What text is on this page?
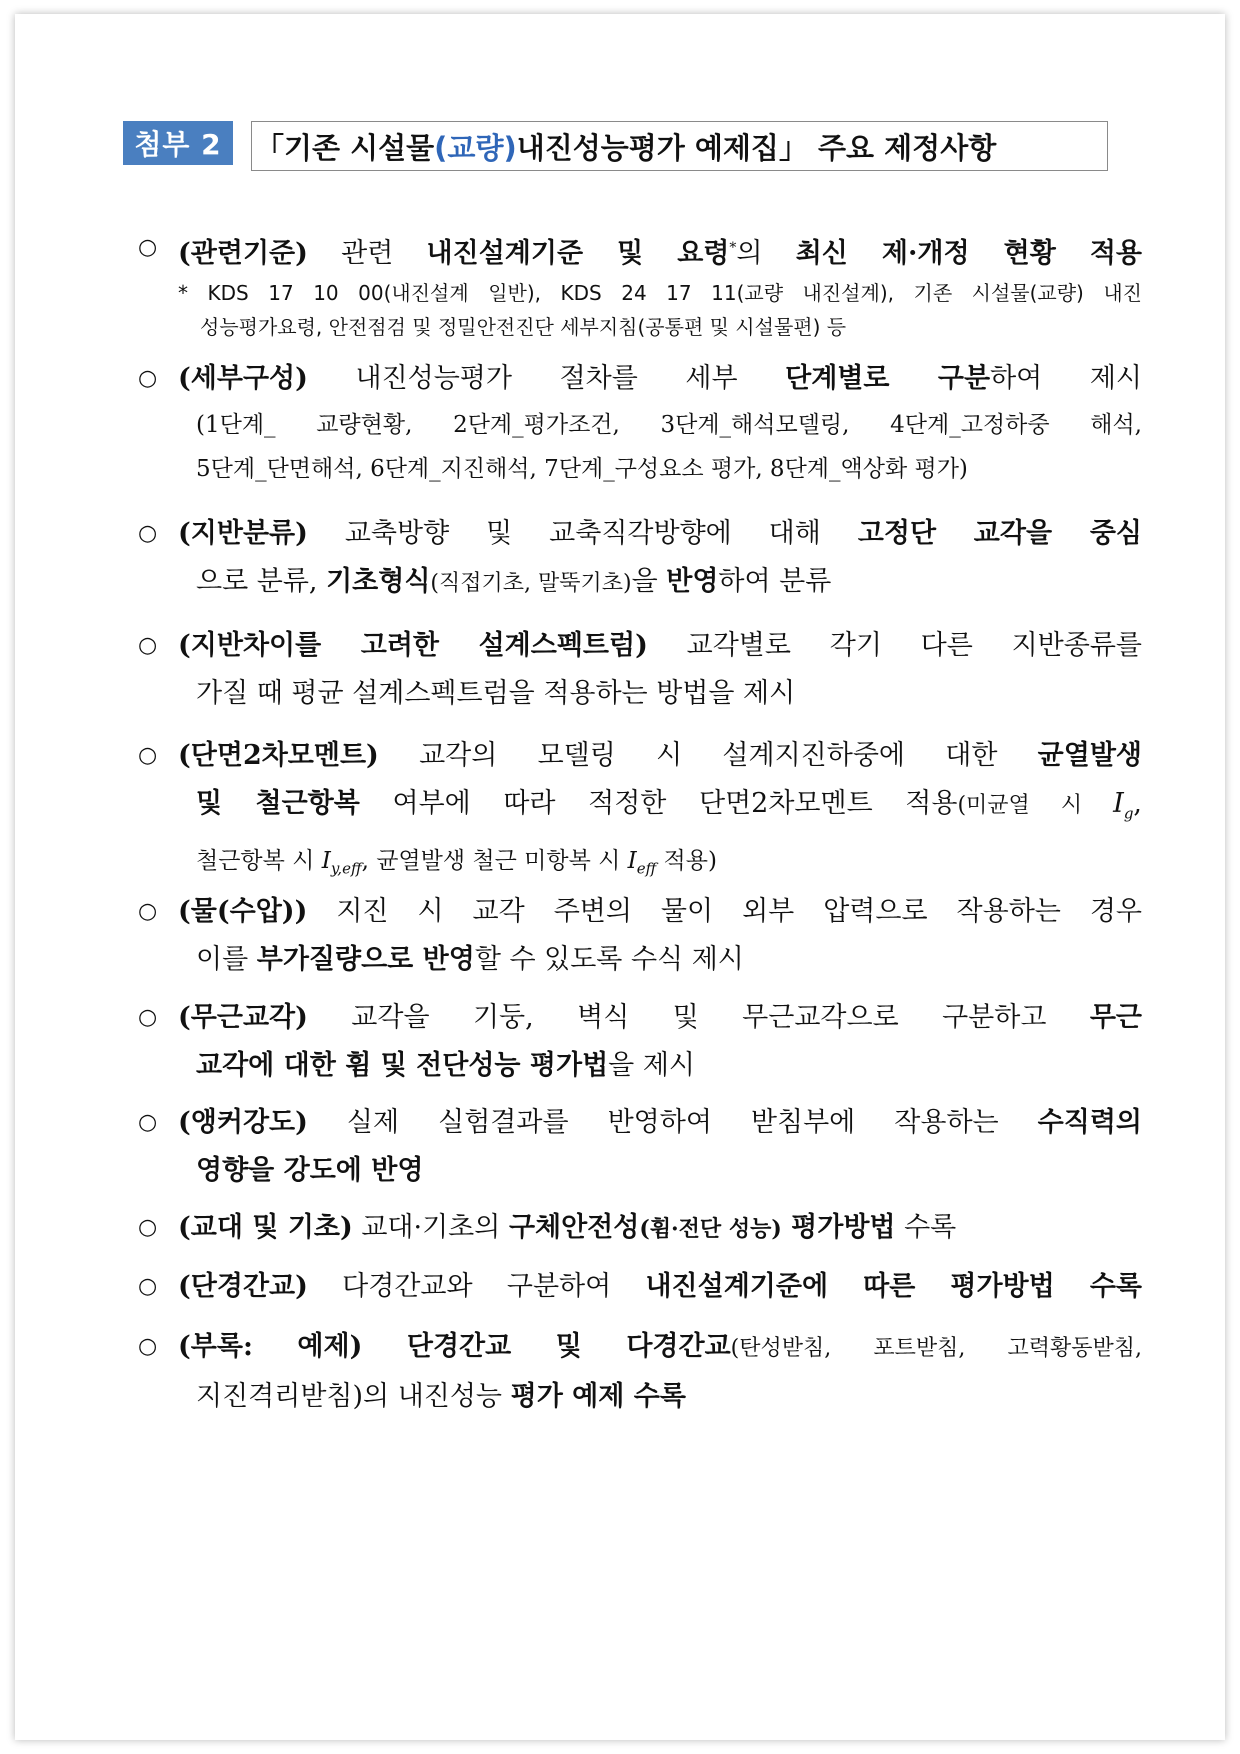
첨부 2	「기존 시설물 (교량) 내진성능평가 예제집」 주요 제정사항
○ (관련기준) 관련 내진설계기준 및 요령*의 최신 제·개정 현황 적용
* KDS 17 10 00(내진설계 일반), KDS 24 17 11(교량 내진설계), 기존 시설물(교량) 내진
성능평가요령, 안전점검 및 정밀안전진단 세부지침(공통편 및 시설물편) 등
○ (세부구성) 내진성능평가 절차를 세부 단계별로 구분하여 제시
(1단계_ 교량현황, 2단계_평가조건, 3단계_해석모델링, 4단계_고정하중 해석,
5단계_단면해석, 6단계_지진해석, 7단계_구성요소 평가, 8단계_액상화 평가)
○ (지반분류) 교축방향 및 교축직각방향에 대해 고정단 교각을 중심
으로 분류, 기초형식(직접기초, 말뚝기초)을 반영하여 분류
○ (지반차이를 고려한 설계스펙트럼) 교각별로 각기 다른 지반종류를
가질 때 평균 설계스펙트럼을 적용하는 방법을 제시
○ (단면2차모멘트) 교각의 모델링 시 설계지진하중에 대한 균열발생
및 철근항복 여부에 따라 적정한 단면2차모멘트 적용(미균열 시 $I_g$,
철근항복 시 $I_{y,eff}$, 균열발생 철근 미항복 시 $I_{eff}$ 적용)
○ (물(수압)) 지진 시 교각 주변의 물이 외부 압력으로 작용하는 경우
이를 부가질량으로 반영할 수 있도록 수식 제시
○ (무근교각) 교각을 기둥, 벽식 및 무근교각으로 구분하고 무근
교각에 대한 휨 및 전단성능 평가법을 제시
○ (앵커강도) 실제 실험결과를 반영하여 받침부에 작용하는 수직력의
영향을 강도에 반영
○ (교대 및 기초) 교대·기초의 구체안전성(휨·전단 성능) 평가방법 수록
○ (단경간교) 다경간교와 구분하여 내진설계기준에 따른 평가방법 수록
○ (부록: 예제) 단경간교 및 다경간교(탄성받침, 포트받침, 고력황동받침,
지진격리받침)의 내진성능 평가 예제 수록
